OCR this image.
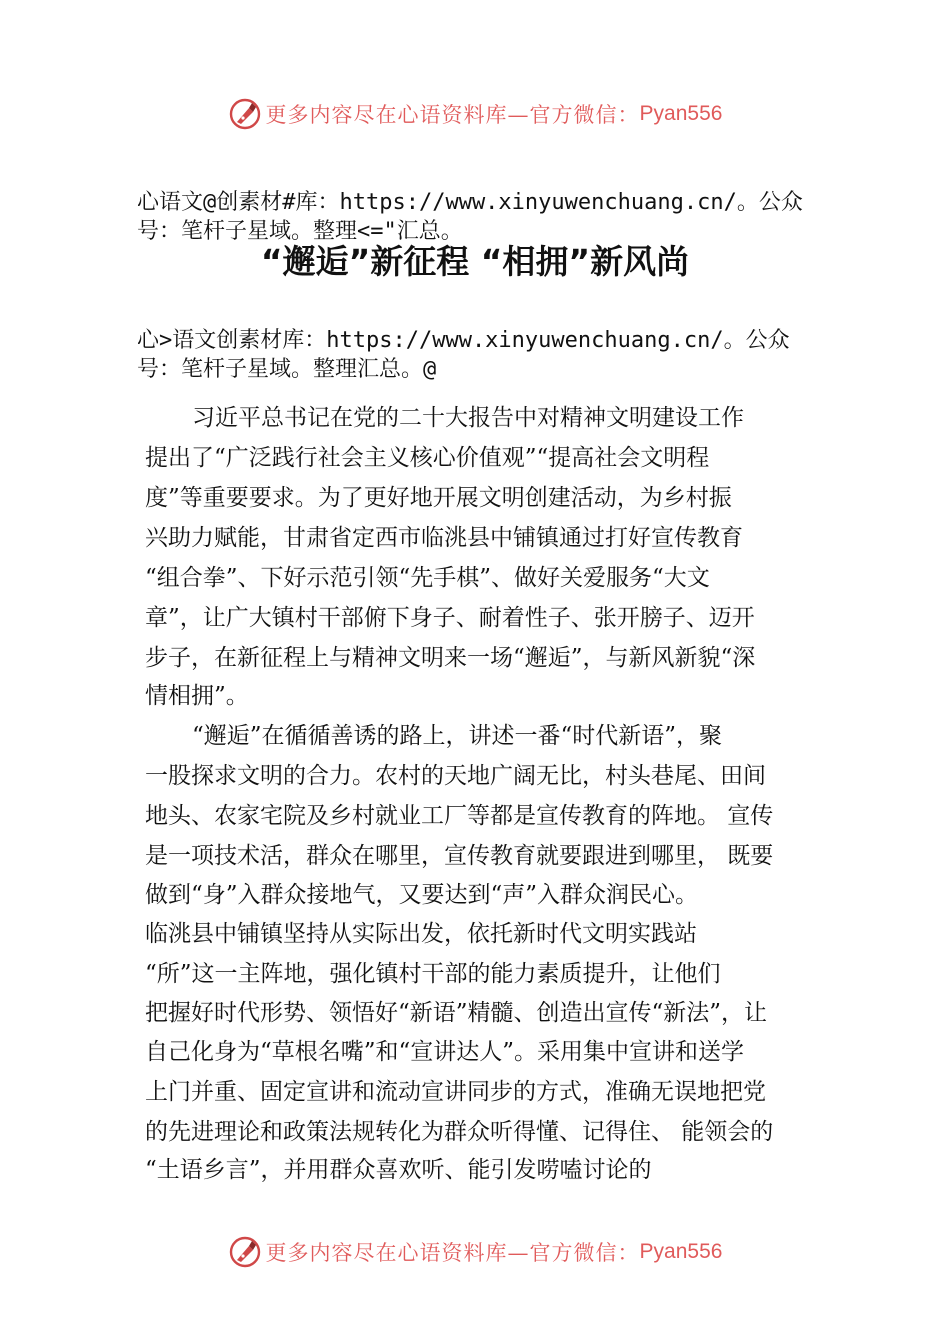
更多内容尽在心语资料库—官方微信： Pyan556
心语文@创素材#库：https://www.xinyuwenchuang.cn/。公众
号：笔杆子星域。整理<="汇总。
“邂逅”新征程 “相拥”新风尚
心>语文创素材库：https://www.xinyuwenchuang.cn/。公众
号：笔杆子星域。整理汇总。@
习近平总书记在党的二十大报告中对精神文明建设工作
提出了“广泛践行社会主义核心价值观”“提高社会文明程
度”等重要要求。为了更好地开展文明创建活动，为乡村振
兴助力赋能，甘肃省定西市临洮县中铺镇通过打好宣传教育
“组合拳”、下好示范引领“先手棋”、做好关爱服务“大文
章”，让广大镇村干部俯下身子、耐着性子、张开膀子、迈开
步子，在新征程上与精神文明来一场“邂逅”，与新风新貌“深
情相拥”。
“邂逅”在循循善诱的路上，讲述一番“时代新语”，聚
一股探求文明的合力。农村的天地广阔无比，村头巷尾、田间
地头、农家宅院及乡村就业工厂等都是宣传教育的阵地。 宣传
是一项技术活，群众在哪里，宣传教育就要跟进到哪里， 既要
做到“身”入群众接地气，又要达到“声”入群众润民心。
临洮县中铺镇坚持从实际出发，依托新时代文明实践站
“所”这一主阵地，强化镇村干部的能力素质提升，让他们
把握好时代形势、领悟好“新语”精髓、创造出宣传“新法”，让
自己化身为“草根名嘴”和“宣讲达人”。采用集中宣讲和送学
上门并重、固定宣讲和流动宣讲同步的方式，准确无误地把党
的先进理论和政策法规转化为群众听得懂、记得住、 能领会的
“土语乡言”，并用群众喜欢听、能引发唠嗑讨论的
更多内容尽在心语资料库—官方微信： Pyan556
